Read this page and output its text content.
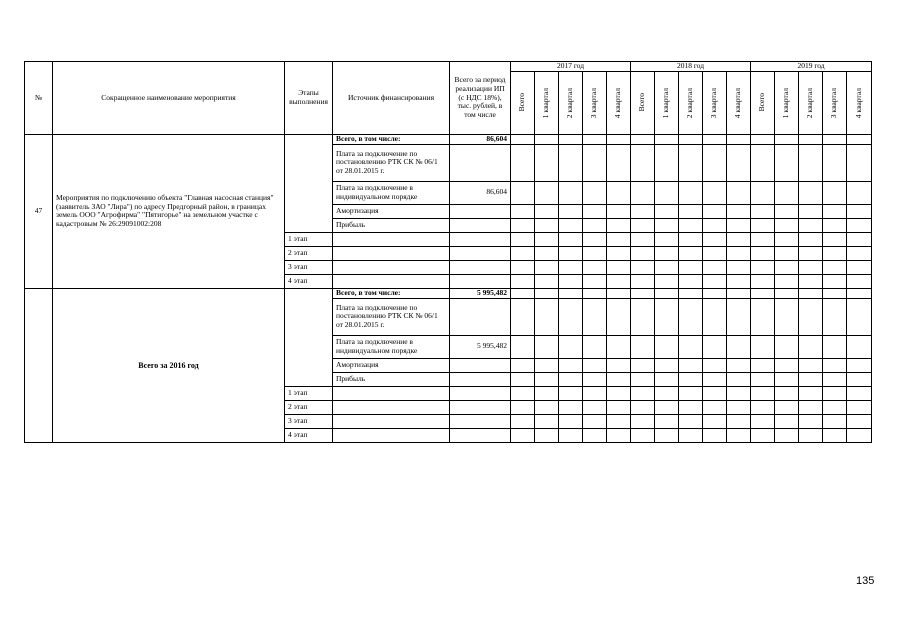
№	Сокращенное наименование мероприятия	Этапы выполнения	Источник финансирования	Всего за период реализации ИП (с НДС 18%), тыс. рублей, в том числе	2017 год					2018 год					2019 год				

					Всего	1 квартал	2 квартал	3 квартал	4 квартал	Всего	1 квартал	2 квартал	3 квартал	4 квартал	Всего	1 квартал	2 квартал	3 квартал	4 квартал

47	Мероприятия по подключению объекта "Главная насосная станция" (заявитель ЗАО "Лира") по адресу Предгорный район, в границах земель ООО "Агрофирма" "Пятигорье" на земельном участке с кадастровым № 26:29091002:208		Всего, в том числе:	86,604															
			Плата за подключение по постановлению РТК СК № 06/1 от 28.01.2015 г.																
			Плата за подключение в индивидуальном порядке	86,604															
			Амортизация																
			Прибыль																
		1 этап																	
		2 этап																	
		3 этап																	
		4 этап																	
	Всего за 2016 год		Всего, в том числе:	5 995,482															
			Плата за подключение по постановлению РТК СК № 06/1 от 28.01.2015 г.																
			Плата за подключение в индивидуальном порядке	5 995,482															
			Амортизация																
			Прибыль																
		1 этап																	
		2 этап																	
		3 этап																	
		4 этап																	
135
